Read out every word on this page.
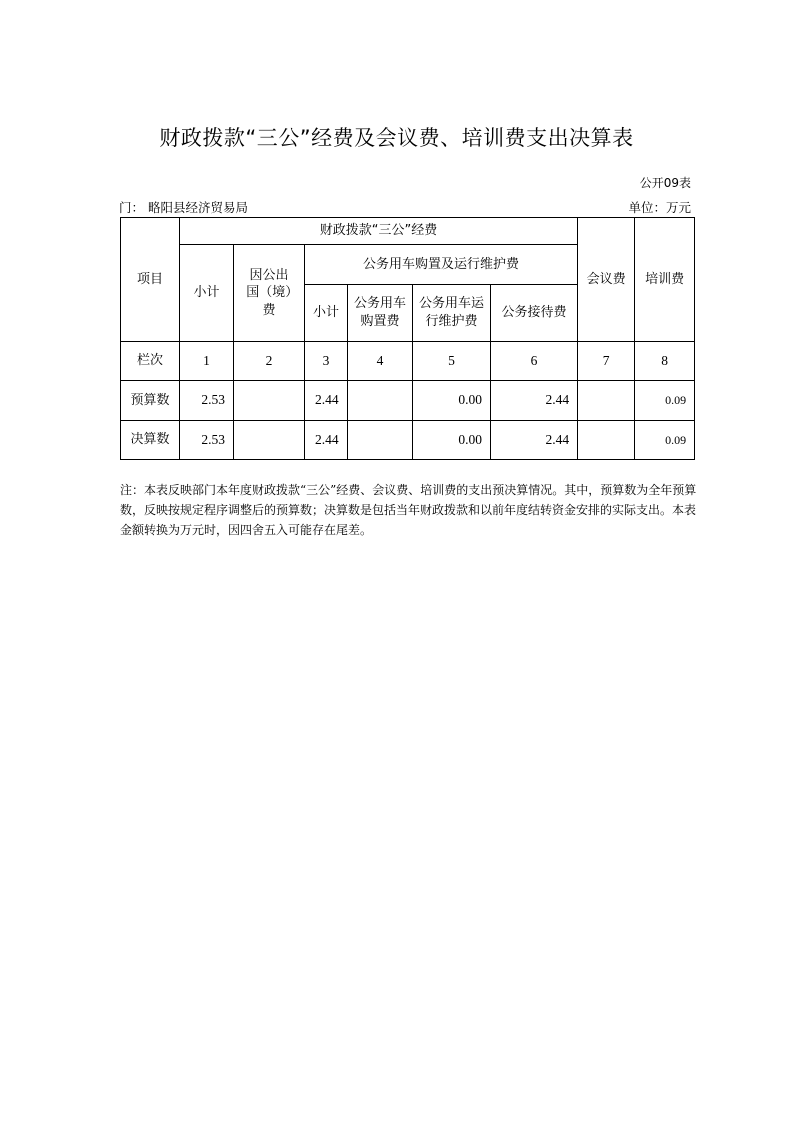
财政拨款“三公”经费及会议费、培训费支出决算表
公开09表
门： 略阳县经济贸易局	单位：万元
项目	财政拨款“三公”经费						会议费	培训费
	小计	因公出国（境）费	公务用车购置及运行维护费					
			小计	公务用车购置费	公务用车运行维护费	公务接待费		
栏次	1	2	3	4	5	6	7	8
预算数	2.53		2.44		0.00	2.44		0.09
决算数	2.53		2.44		0.00	2.44		0.09
注：本表反映部门本年度财政拨款“三公”经费、会议费、培训费的支出预决算情况。其中，预算数为全年预算数，反映按规定程序调整后的预算数；决算数是包括当年财政拨款和以前年度结转资金安排的实际支出。本表金额转换为万元时，因四舍五入可能存在尾差。
